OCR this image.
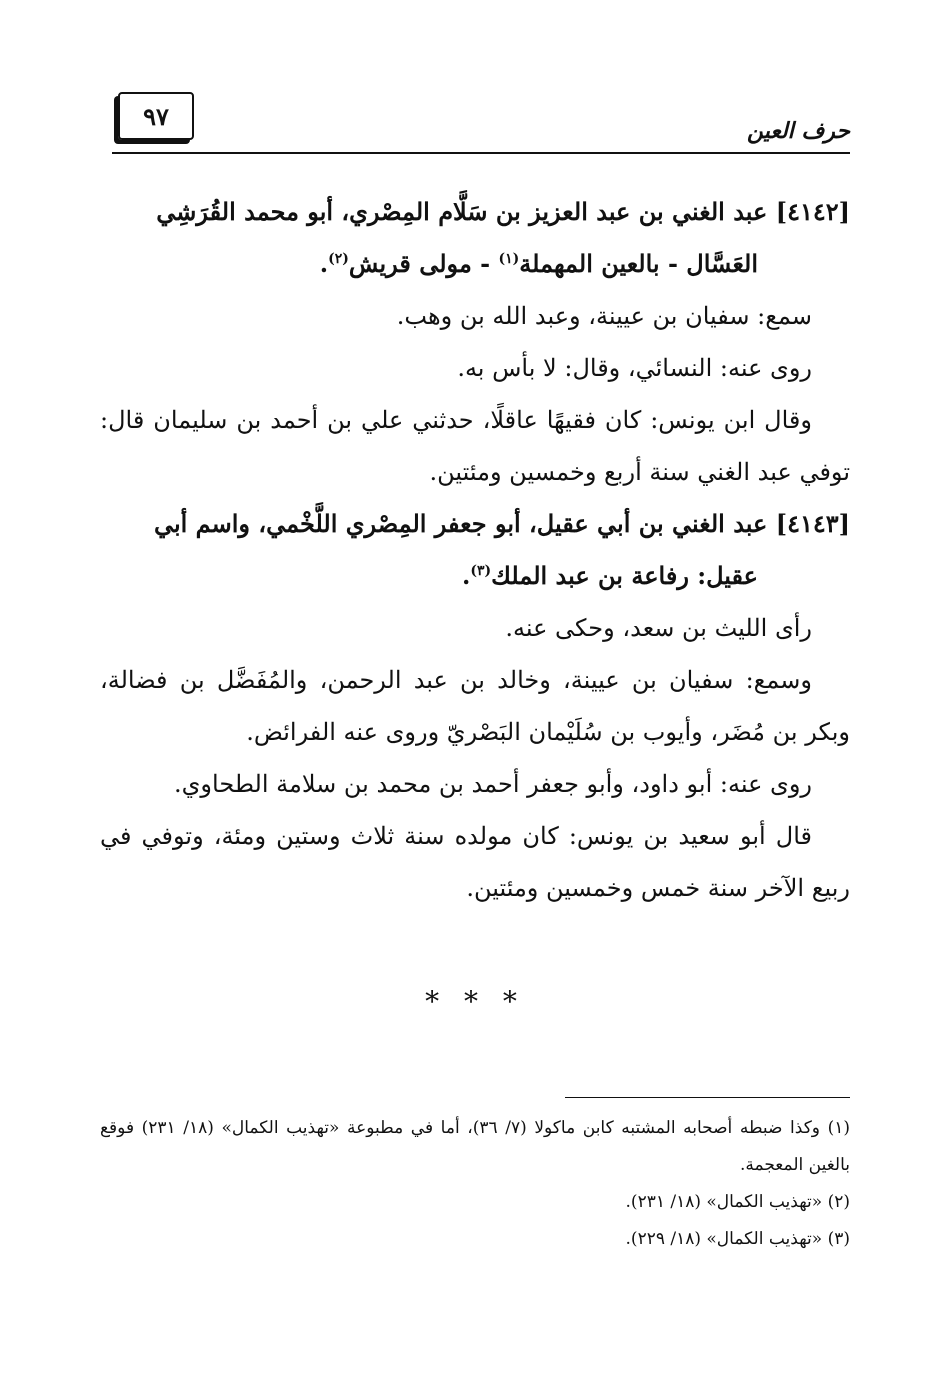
٩٧
حرف العين

[٤١٤٢] عبد الغني بن عبد العزيز بن سَلَّام المِصْري، أبو محمد القُرَشِي
العَسَّال - بالعين المهملة$^{(١)}$ - مولى قريش$^{(٢)}$.

سمع: سفيان بن عيينة، وعبد الله بن وهب.

روى عنه: النسائي، وقال: لا بأس به.

وقال ابن يونس: كان فقيهًا عاقلًا، حدثني علي بن أحمد بن سليمان قال: توفي عبد الغني سنة أربع وخمسين ومئتين.

[٤١٤٣] عبد الغني بن أبي عقيل، أبو جعفر المِصْري اللَّخْمي، واسم أبي
عقيل: رفاعة بن عبد الملك$^{(٣)}$.

رأى الليث بن سعد، وحكى عنه.

وسمع: سفيان بن عيينة، وخالد بن عبد الرحمن، والمُفَضَّل بن فضالة، وبكر بن مُضَر، وأيوب بن سُلَيْمان البَصْريّ وروى عنه الفرائض.

روى عنه: أبو داود، وأبو جعفر أحمد بن محمد بن سلامة الطحاوي.

قال أبو سعيد بن يونس: كان مولده سنة ثلاث وستين ومئة، وتوفي في ربيع الآخر سنة خمس وخمسين ومئتين.

* * *

(١) وكذا ضبطه أصحابه المشتبه كابن ماكولا (٧/ ٣٦)، أما في مطبوعة «تهذيب الكمال» (١٨/ ٢٣١) فوقع بالغين المعجمة.

(٢) «تهذيب الكمال» (١٨/ ٢٣١).

(٣) «تهذيب الكمال» (١٨/ ٢٢٩).
